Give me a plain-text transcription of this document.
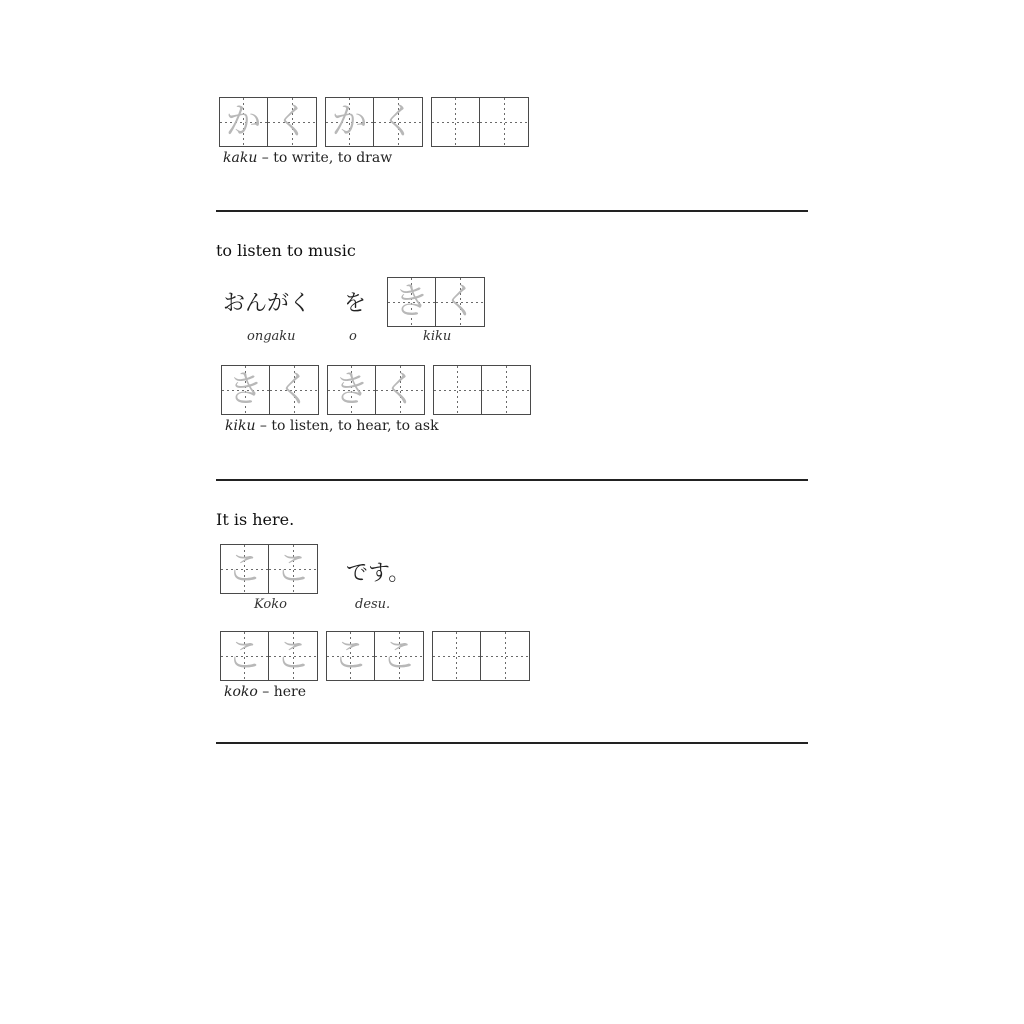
か く か く
kaku – to write, to draw
to listen to music
おんがく を き く
ongaku	o	kiku
き く き く
kiku – to listen, to hear, to ask
It is here.
こ こ です。
Koko	desu.
こ こ こ こ
koko – here
